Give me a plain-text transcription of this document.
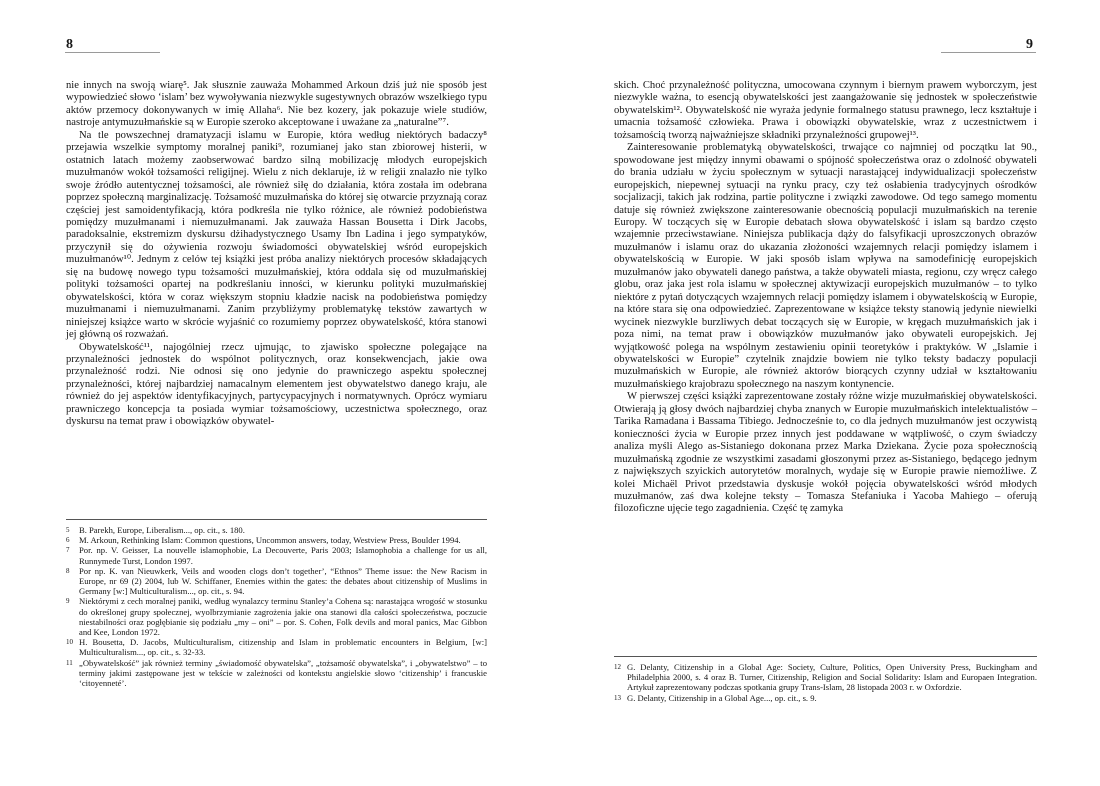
8

nie innych na swoją wiarę⁵. Jak słusznie zauważa Mohammed Arkoun dziś już nie sposób jest wypowiedzieć słowo ‘islam’ bez wywoływania niezwykle sugestywnych obrazów wszelkiego typu aktów przemocy dokonywanych w imię Allaha⁶. Nie bez kozery, jak pokazuje wiele studiów, nastroje antymuzułmańskie są w Europie szeroko akceptowane i uważane za „naturalne”⁷.

Na tle powszechnej dramatyzacji islamu w Europie, która według niektórych badaczy⁸ przejawia wszelkie symptomy moralnej paniki⁹, rozumianej jako stan zbiorowej histerii, w ostatnich latach możemy zaobserwować bardzo silną mobilizację młodych europejskich muzułmanów wokół tożsamości religijnej. Wielu z nich deklaruje, iż w religii znalazło nie tylko swoje źródło autentycznej tożsamości, ale również siłę do działania, która została im odebrana poprzez społeczną marginalizację. Tożsamość muzułmańska do której się otwarcie przyznają coraz częściej jest samoidentyfikacją, która podkreśla nie tylko różnice, ale również podobieństwa pomiędzy muzułmanami i niemuzułmanami. Jak zauważa Hassan Bousetta i Dirk Jacobs, paradoksalnie, ekstremizm dyskursu dżihadystycznego Usamy Ibn Ladina i jego sympatyków, przyczynił się do ożywienia rozwoju świadomości obywatelskiej wśród europejskich muzułmanów¹⁰. Jednym z celów tej książki jest próba analizy niektórych procesów składających się na budowę nowego typu tożsamości muzułmańskiej, która oddala się od muzułmańskiej polityki tożsamości opartej na podkreślaniu inności, w kierunku polityki muzułmańskiej obywatelskości, która w coraz większym stopniu kładzie nacisk na podobieństwa pomiędzy muzułmanami i niemuzułmanami. Zanim przybliżymy problematykę tekstów zawartych w niniejszej książce warto w skrócie wyjaśnić co rozumiemy poprzez obywatelskość, która stanowi jej główną oś rozważań.

Obywatelskość¹¹, najogólniej rzecz ujmując, to zjawisko społeczne polegające na przynależności jednostek do wspólnot politycznych, oraz konsekwencjach, jakie owa przynależność rodzi. Nie odnosi się ono jedynie do prawniczego aspektu społecznej przynależności, której najbardziej namacalnym elementem jest obywatelstwo danego kraju, ale również do jej aspektów identyfikacyjnych, partycypacyjnych i normatywnych. Oprócz wymiaru prawniczego koncepcja ta posiada wymiar tożsamościowy, uczestnictwa społecznego, oraz dyskursu na temat praw i obowiązków obywatel-

5	B. Parekh, Europe, Liberalism..., op. cit., s. 180.
6	M. Arkoun, Rethinking Islam: Common questions, Uncommon answers, today, Westview Press, Boulder 1994.
7	Por. np. V. Geisser, La nouvelle islamophobie, La Decouverte, Paris 2003; Islamophobia a challenge for us all, Runnymede Turst, London 1997.
8	Por np. K. van Nieuwkerk, Veils and wooden clogs don’t together’, “Ethnos” Theme issue: the New Racism in Europe, nr 69 (2) 2004, lub W. Schiffaner, Enemies within the gates: the debates about citizenship of Muslims in Germany [w:] Multiculturalism..., op. cit., s. 94.
9	Niektórymi z cech moralnej paniki, według wynalazcy terminu Stanley’a Cohena są: narastająca wrogość w stosunku do określonej grupy społecznej, wyolbrzymianie zagrożenia jakie ona stanowi dla całości społeczeństwa, poczucie niestabilności oraz pogłębianie się podziału „my – oni” – por. S. Cohen, Folk devils and moral panics, Mac Gibbon and Kee, London 1972.
10 H. Bousetta, D. Jacobs, Multiculturalism, citizenship and Islam in problematic encounters in Belgium, [w:] Multiculturalism..., op. cit., s. 32-33.
11 „Obywatelskość” jak również terminy „świadomość obywatelska”, „tożsamość obywatelska”, i „obywatelstwo” – to terminy jakimi zastępowane jest w tekście w zależności od kontekstu angielskie słowo ‘citizenship’ i francuskie ‘citoyenneté’.
9

skich. Choć przynależność polityczna, umocowana czynnym i biernym prawem wyborczym, jest niezwykle ważna, to esencją obywatelskości jest zaangażowanie się jednostek w społeczeństwie obywatelskim¹². Obywatelskość nie wyraża jedynie formalnego statusu prawnego, lecz kształtuje i umacnia tożsamość człowieka. Prawa i obowiązki obywatelskie, wraz z uczestnictwem i tożsamością tworzą najważniejsze składniki przynależności grupowej¹³.

Zainteresowanie problematyką obywatelskości, trwające co najmniej od początku lat 90., spowodowane jest między innymi obawami o spójność społeczeństwa oraz o zdolność obywateli do brania udziału w życiu społecznym w sytuacji narastającej indywidualizacji społeczeństw europejskich, niepewnej sytuacji na rynku pracy, czy też osłabienia tradycyjnych ośrodków socjalizacji, takich jak rodzina, partie polityczne i związki zawodowe. Od tego samego momentu datuje się również zwiększone zainteresowanie obecnością populacji muzułmańskich na terenie Europy. W toczących się w Europie debatach słowa obywatelskość i islam są bardzo często wzajemnie przeciwstawiane. Niniejsza publikacja dąży do falsyfikacji uproszczonych obrazów muzułmanów i islamu oraz do ukazania złożoności wzajemnych relacji pomiędzy islamem i obywatelskością w Europie. W jaki sposób islam wpływa na samodefinicję europejskich muzułmanów jako obywateli danego państwa, a także obywateli miasta, regionu, czy wręcz całego globu, oraz jaka jest rola islamu w społecznej aktywizacji europejskich muzułmanów – to tylko niektóre z pytań dotyczących wzajemnych relacji pomiędzy islamem i obywatelskością w Europie, na które stara się ona odpowiedzieć. Zaprezentowane w książce teksty stanowią jedynie niewielki wycinek niezwykle burzliwych debat toczących się w Europie, w kręgach muzułmańskich jak i poza nimi, na temat praw i obowiązków muzułmanów jako obywateli europejskich. Jej wyjątkowość polega na wspólnym zestawieniu opinii teoretyków i praktyków. W „Islamie i obywatelskości w Europie” czytelnik znajdzie bowiem nie tylko teksty badaczy populacji muzułmańskich w Europie, ale również aktorów biorących czynny udział w kształtowaniu muzułmańskiego krajobrazu społecznego na naszym kontynencie.

W pierwszej części książki zaprezentowane zostały różne wizje muzułmańskiej obywatelskości. Otwierają ją głosy dwóch najbardziej chyba znanych w Europie muzułmańskich intelektualistów – Tarika Ramadana i Bassama Tibiego. Jednocześnie to, co dla jednych muzułmanów jest oczywistą konieczności życia w Europie przez innych jest poddawane w wątpliwość, o czym świadczy analiza myśli Alego as-Sistaniego dokonana przez Marka Dziekana. Życie poza społecznością muzułmańską zgodnie ze wszystkimi zasadami głoszonymi przez as-Sistaniego, będącego jednym z największych szyickich autorytetów moralnych, wydaje się w Europie prawie niemożliwe. Z kolei Michaël Privot przedstawia dyskusje wokół pojęcia obywatelskości wśród młodych muzułmanów, zaś dwa kolejne teksty – Tomasza Stefaniuka i Yacoba Mahiego – oferują filozoficzne ujęcie tego zagadnienia. Część tę zamyka

12 G. Delanty, Citizenship in a Global Age: Society, Culture, Politics, Open University Press, Buckingham and Philadelphia 2000, s. 4 oraz B. Turner, Citizenship, Religion and Social Solidarity: Islam and Europaen Integration. Artykuł zaprezentowany podczas spotkania grupy Trans-Islam, 28 listopada 2003 r. w Oxfordzie.
13 G. Delanty, Citizenship in a Global Age..., op. cit., s. 9.
